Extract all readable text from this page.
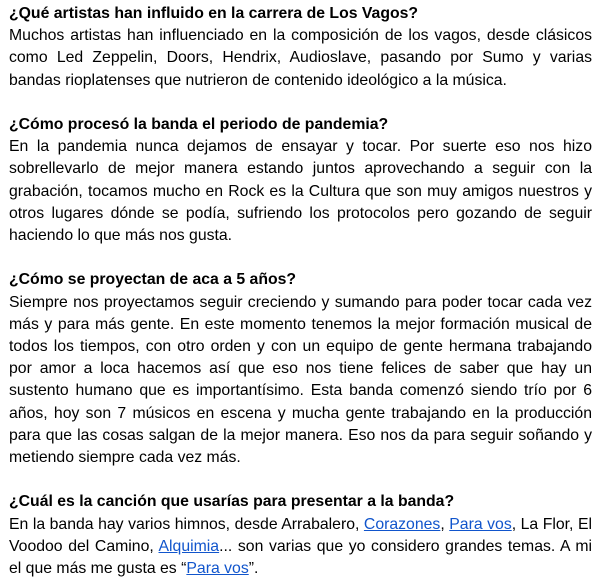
¿Qué artistas han influido en la carrera de Los Vagos?

Muchos artistas han influenciado en la composición de los vagos, desde clásicos como Led Zeppelin, Doors, Hendrix, Audioslave, pasando por Sumo y varias bandas rioplatenses que nutrieron de contenido ideológico a la música.

¿Cómo procesó la banda el periodo de pandemia?

En la pandemia nunca dejamos de ensayar y tocar. Por suerte eso nos hizo sobrellevarlo de mejor manera estando juntos aprovechando a seguir con la grabación, tocamos mucho en Rock es la Cultura que son muy amigos nuestros y otros lugares dónde se podía, sufriendo los protocolos pero gozando de seguir haciendo lo que más nos gusta.

¿Cómo se proyectan de aca a 5 años?

Siempre nos proyectamos seguir creciendo y sumando para poder tocar cada vez más y para más gente. En este momento tenemos la mejor formación musical de todos los tiempos, con otro orden y con un equipo de gente hermana trabajando por amor a loca hacemos así que eso nos tiene felices de saber que hay un sustento humano que es importantísimo. Esta banda comenzó siendo trío por 6 años, hoy son 7 músicos en escena y mucha gente trabajando en la producción para que las cosas salgan de la mejor manera. Eso nos da para seguir soñando y metiendo siempre cada vez más.

¿Cuál es la canción que usarías para presentar a la banda?

En la banda hay varios himnos, desde Arrabalero, Corazones, Para vos, La Flor, El Voodoo del Camino, Alquimia... son varias que yo considero grandes temas. A mi el que más me gusta es “Para vos”.
